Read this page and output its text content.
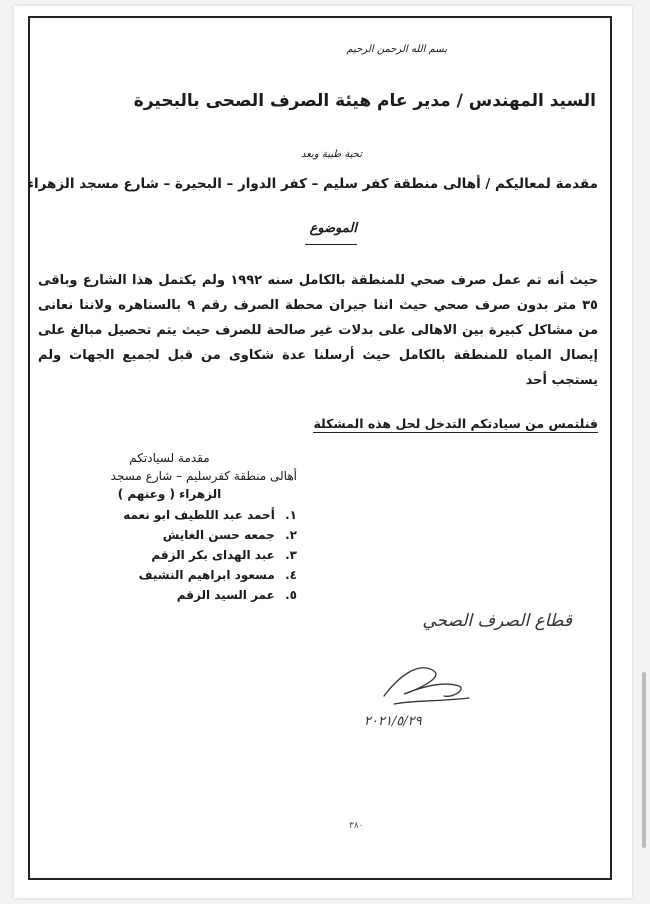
بسم الله الرحمن الرحيم
السيد المهندس / مدير عام هيئة الصرف الصحى بالبحيرة
تحية طيبة وبعد
مقدمة لمعاليكم / أهالى منطقة كفر سليم – كفر الدوار – البحيرة – شارع مسجد الزهراء
الموضوع
حيث أنه تم عمل صرف صحي للمنطقة بالكامل سنه ١٩٩٢ ولم يكتمل هذا الشارع وباقى ٣٥ متر بدون صرف صحي حيث اننا جيران محطة الصرف رقم ٩ بالسناهره ولاننا نعانى من مشاكل كبيرة بين الاهالى على بدلات غير صالحة للصرف حيث يتم تحصيل مبالغ على إيصال المياه للمنطقة بالكامل حيث أرسلنا عدة شكاوى من قبل لجميع الجهات ولم يستجب أحد
فنلتمس من سيادتكم التدخل لحل هذه المشكلة
مقدمة لسيادتكم
أهالى منطقة كفرسليم – شارع مسجد
الزهراء ( وعنهم )
١. أحمد عبد اللطيف ابو نعمه
٢. جمعه حسن الغايش
٣. عبد الهداى بكر الزقم
٤. مسعود ابراهيم النشيف
٥. عمر السيد الزقم
قطاع الصرف الصحي
٢٠٢١/٥/٢٩
٣٨٠
